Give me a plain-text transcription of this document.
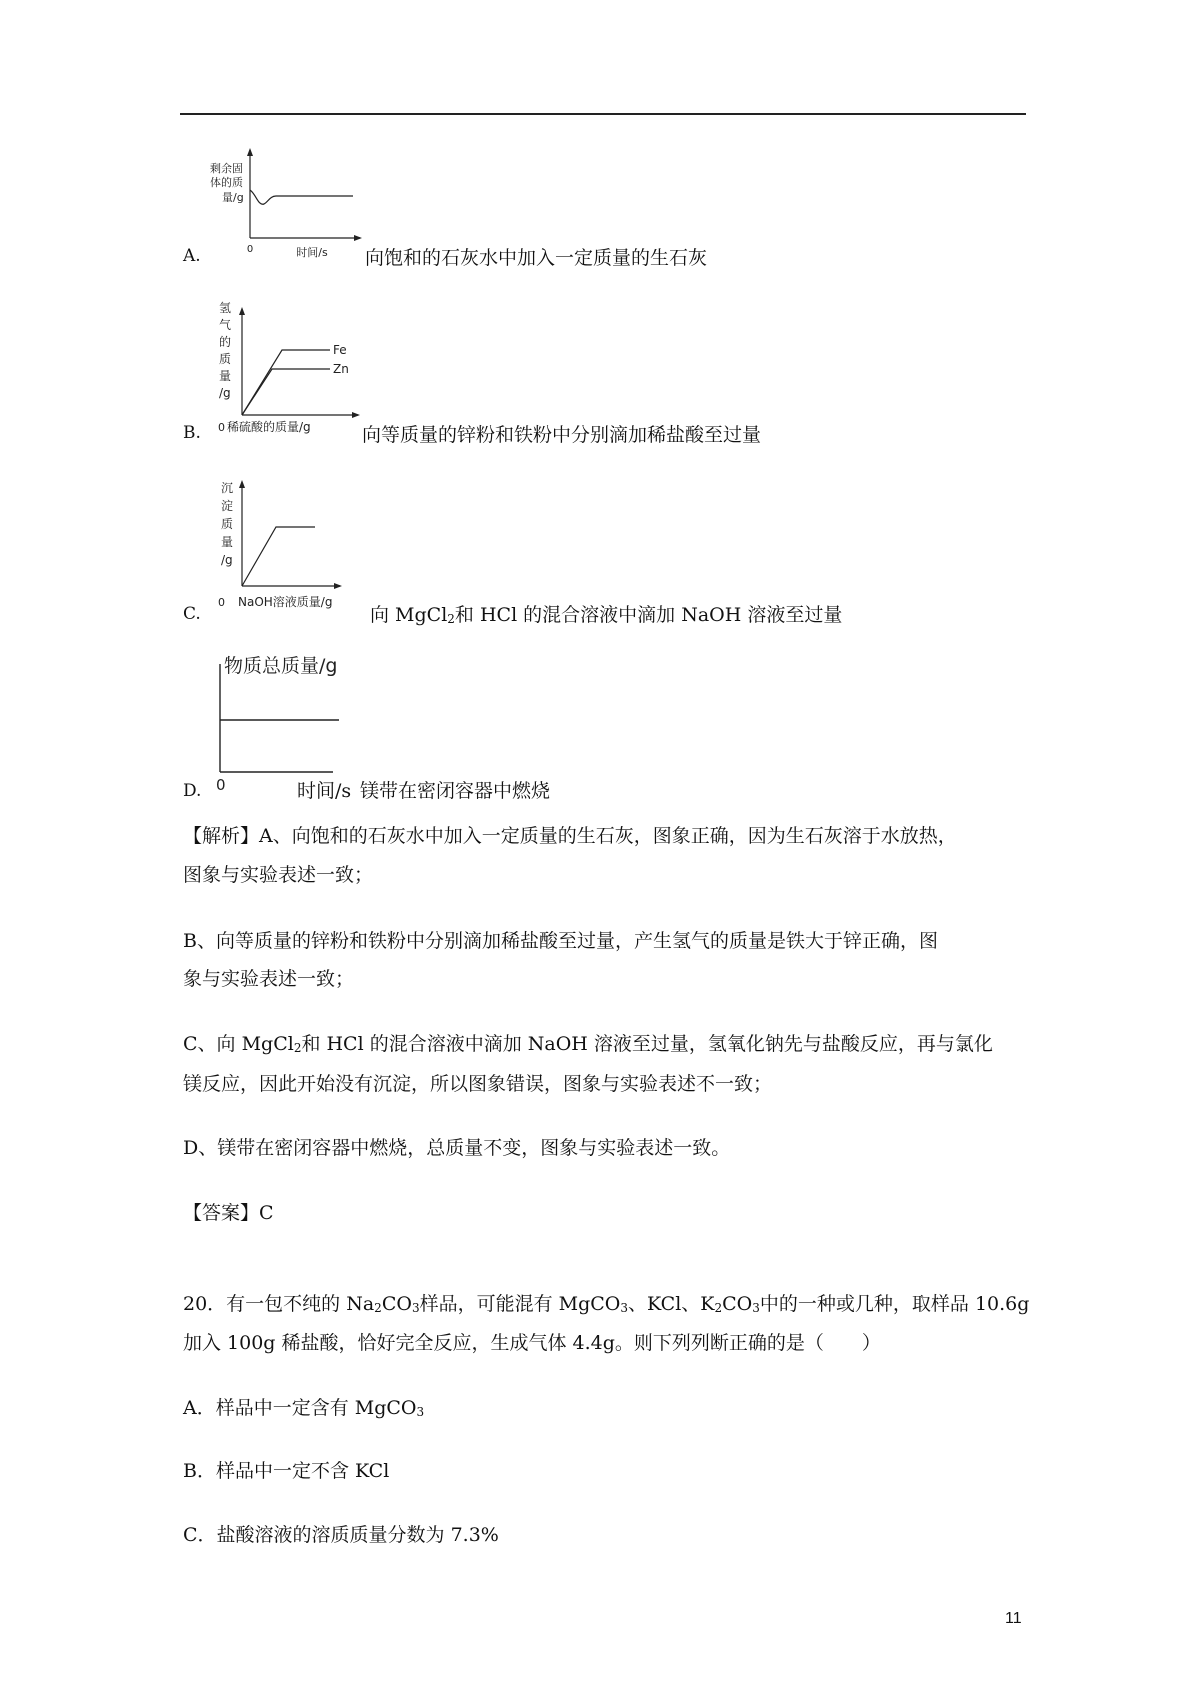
剩余固
体的质
量/g
0	时间/s
A.	向饱和的石灰水中加入一定质量的生石灰
氢
气
的
质
量
/g
Fe
Zn
0 稀硫酸的质量/g
B.	向等质量的锌粉和铁粉中分别滴加稀盐酸至过量
沉
淀
质
量
/g
0 NaOH溶液质量/g
C.	向 MgCl$_2$和 HCl 的混合溶液中滴加 NaOH 溶液至过量
物质总质量/g
0
D.	时间/s 镁带在密闭容器中燃烧
【解析】A、向饱和的石灰水中加入一定质量的生石灰，图象正确，因为生石灰溶于水放热，
图象与实验表述一致；
B、向等质量的锌粉和铁粉中分别滴加稀盐酸至过量，产生氢气的质量是铁大于锌正确，图
象与实验表述一致；
C、向 MgCl$_2$和 HCl 的混合溶液中滴加 NaOH 溶液至过量，氢氧化钠先与盐酸反应，再与氯化
镁反应，因此开始没有沉淀，所以图象错误，图象与实验表述不一致；
D、镁带在密闭容器中燃烧，总质量不变，图象与实验表述一致。
【答案】C
20．有一包不纯的 $Na_2CO_3$样品，可能混有 MgCO$_3$、KCl、$K_2CO_3$中的一种或几种，取样品 10.6g
加入 100g 稀盐酸，恰好完全反应，生成气体 4.4g。则下列列断正确的是（　　）
A．样品中一定含有 MgCO$_3$
B．样品中一定不含 KCl
C．盐酸溶液的溶质质量分数为 7.3%
11
